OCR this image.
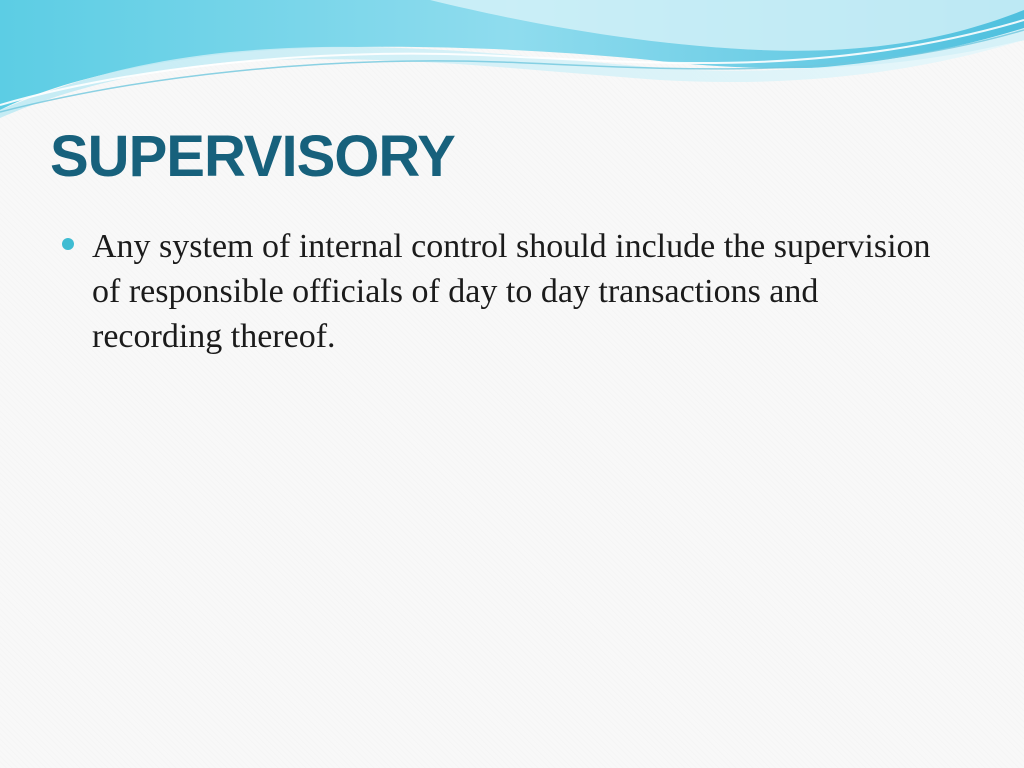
SUPERVISORY
Any system of internal control should include the supervision of responsible officials of day to day transactions and recording thereof.
